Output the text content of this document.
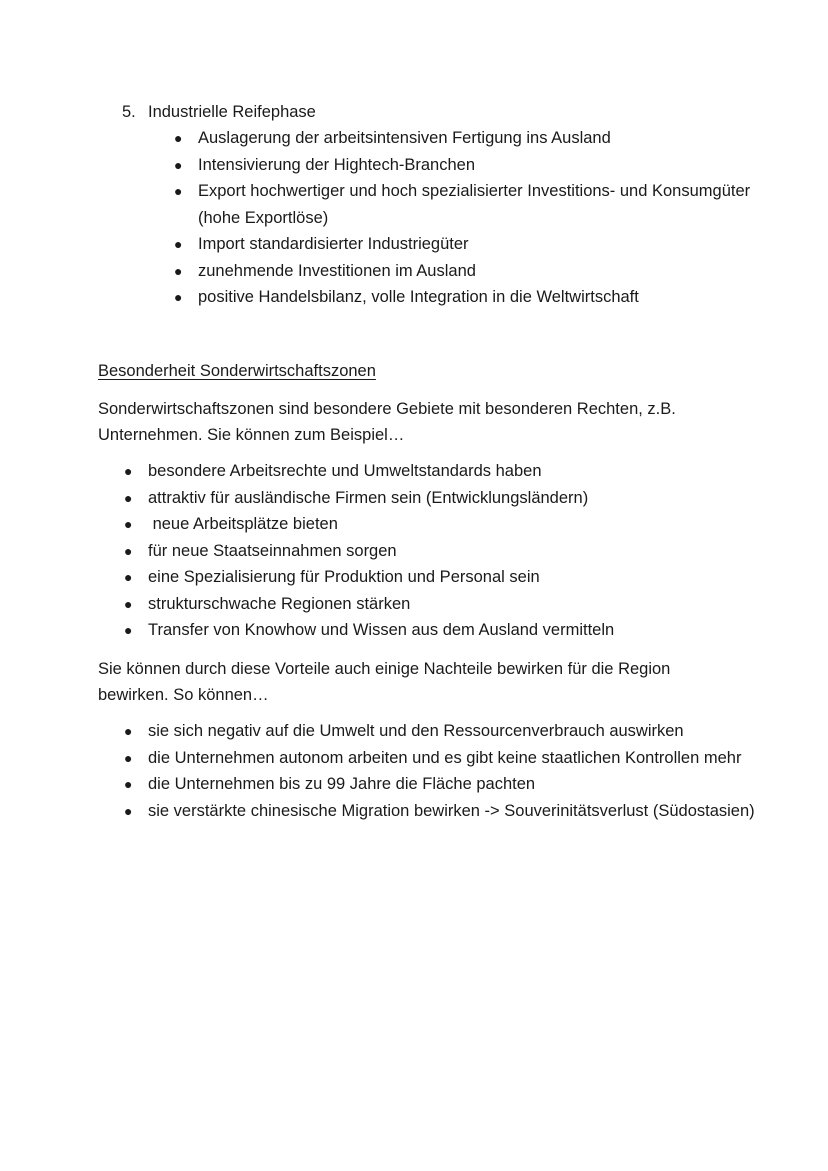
5. Industrielle Reifephase
● Auslagerung der arbeitsintensiven Fertigung ins Ausland
● Intensivierung der Hightech-Branchen
● Export hochwertiger und hoch spezialisierter Investitions- und Konsumgüter (hohe Exportlöse)
● Import standardisierter Industriegüter
● zunehmende Investitionen im Ausland
● positive Handelsbilanz, volle Integration in die Weltwirtschaft
Besonderheit Sonderwirtschaftszonen
Sonderwirtschaftszonen sind besondere Gebiete mit besonderen Rechten, z.B. Unternehmen. Sie können zum Beispiel…
● besondere Arbeitsrechte und Umweltstandards haben
● attraktiv für ausländische Firmen sein (Entwicklungsländern)
● neue Arbeitsplätze bieten
● für neue Staatseinnahmen sorgen
● eine Spezialisierung für Produktion und Personal sein
● strukturschwache Regionen stärken
● Transfer von Knowhow und Wissen aus dem Ausland vermitteln
Sie können durch diese Vorteile auch einige Nachteile bewirken für die Region bewirken. So können…
● sie sich negativ auf die Umwelt und den Ressourcenverbrauch auswirken
● die Unternehmen autonom arbeiten und es gibt keine staatlichen Kontrollen mehr
● die Unternehmen bis zu 99 Jahre die Fläche pachten
● sie verstärkte chinesische Migration bewirken -> Souverinitätsverlust (Südostasien)
